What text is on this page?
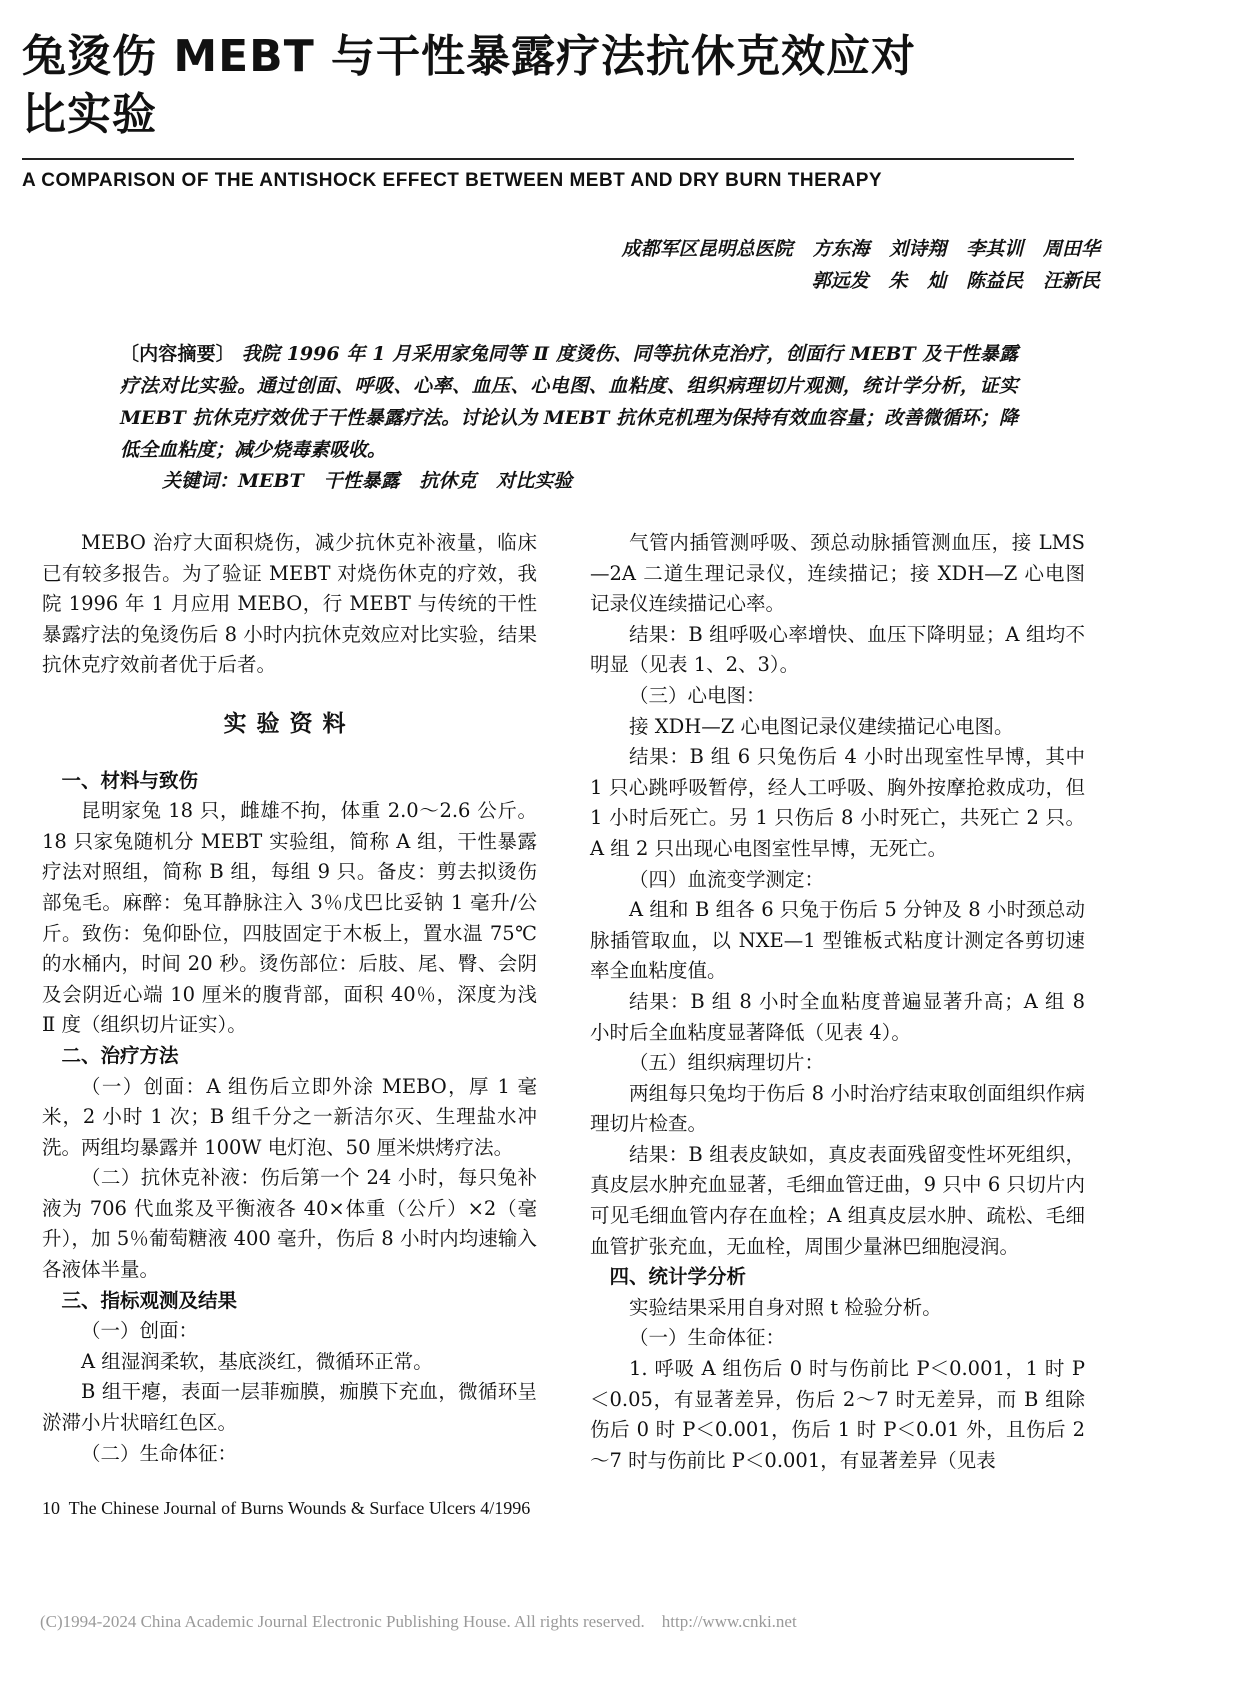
兔烫伤 MEBT 与干性暴露疗法抗休克效应对比实验
A COMPARISON OF THE ANTISHOCK EFFECT BETWEEN MEBT AND DRY BURN THERAPY
成都军区昆明总医院   方东海   刘诗翔   李其训   周田华
郭远发   朱   灿   陈益民   汪新民
〔内容摘要〕 我院 1996 年 1 月采用家兔同等 Ⅱ 度烫伤、同等抗休克治疗，创面行 MEBT 及干性暴露疗法对比实验。通过创面、呼吸、心率、血压、心电图、血粘度、组织病理切片观测，统计学分析，证实 MEBT 抗休克疗效优于干性暴露疗法。讨论认为 MEBT 抗休克机理为保持有效血容量；改善微循环；降低全血粘度；减少烧毒素吸收。
关键词：MEBT   干性暴露   抗休克   对比实验

MEBO 治疗大面积烧伤，减少抗休克补液量，临床已有较多报告。为了验证 MEBT 对烧伤休克的疗效，我院 1996 年 1 月应用 MEBO，行 MEBT 与传统的干性暴露疗法的兔烫伤后 8 小时内抗休克效应对比实验，结果抗休克疗效前者优于后者。

实验资料
一、材料与致伤

昆明家兔 18 只，雌雄不拘，体重 2.0～2.6 公斤。18 只家兔随机分 MEBT 实验组，简称 A 组，干性暴露疗法对照组，简称 B 组，每组 9 只。备皮：剪去拟烫伤部兔毛。麻醉：兔耳静脉注入 3％戊巴比妥钠 1 毫升/公斤。致伤：兔仰卧位，四肢固定于木板上，置水温 75℃的水桶内，时间 20 秒。烫伤部位：后肢、尾、臀、会阴及会阴近心端 10 厘米的腹背部，面积 40％，深度为浅 Ⅱ 度（组织切片证实）。

二、治疗方法

（一）创面：A 组伤后立即外涂 MEBO，厚 1 毫米，2 小时 1 次；B 组千分之一新洁尔灭、生理盐水冲洗。两组均暴露并 100W 电灯泡、50 厘米烘烤疗法。

（二）抗休克补液：伤后第一个 24 小时，每只兔补液为 706 代血浆及平衡液各 40×体重（公斤）×2（毫升），加 5％葡萄糖液 400 毫升，伤后 8 小时内均速输入各液体半量。

三、指标观测及结果

（一）创面：

A 组湿润柔软，基底淡红，微循环正常。

B 组干瘪，表面一层菲痂膜，痂膜下充血，微循环呈淤滞小片状暗红色区。

（二）生命体征：

气管内插管测呼吸、颈总动脉插管测血压，接 LMS—2A 二道生理记录仪，连续描记；接 XDH—Z 心电图记录仪连续描记心率。

结果：B 组呼吸心率增快、血压下降明显；A 组均不明显（见表 1、2、3）。

（三）心电图：

接 XDH—Z 心电图记录仪建续描记心电图。

结果：B 组 6 只兔伤后 4 小时出现室性早博，其中 1 只心跳呼吸暂停，经人工呼吸、胸外按摩抢救成功，但 1 小时后死亡。另 1 只伤后 8 小时死亡，共死亡 2 只。A 组 2 只出现心电图室性早博，无死亡。

（四）血流变学测定：

A 组和 B 组各 6 只兔于伤后 5 分钟及 8 小时颈总动脉插管取血，以 NXE—1 型锥板式粘度计测定各剪切速率全血粘度值。

结果：B 组 8 小时全血粘度普遍显著升高；A 组 8 小时后全血粘度显著降低（见表 4）。

（五）组织病理切片：

两组每只兔均于伤后 8 小时治疗结束取创面组织作病理切片检查。

结果：B 组表皮缺如，真皮表面残留变性坏死组织，真皮层水肿充血显著，毛细血管迂曲，9 只中 6 只切片内可见毛细血管内存在血栓；A 组真皮层水肿、疏松、毛细血管扩张充血，无血栓，周围少量淋巴细胞浸润。

四、统计学分析

实验结果采用自身对照 t 检验分析。

（一）生命体征：

1. 呼吸 A 组伤后 0 时与伤前比 P＜0.001，1 时 P＜0.05，有显著差异，伤后 2～7 时无差异，而 B 组除伤后 0 时 P＜0.001，伤后 1 时 P＜0.01 外，且伤后 2～7 时与伤前比 P＜0.001，有显著差异（见表

10  The Chinese Journal of Burns Wounds & Surface Ulcers 4/1996
(C)1994-2024 China Academic Journal Electronic Publishing House. All rights reserved.    http://www.cnki.net
